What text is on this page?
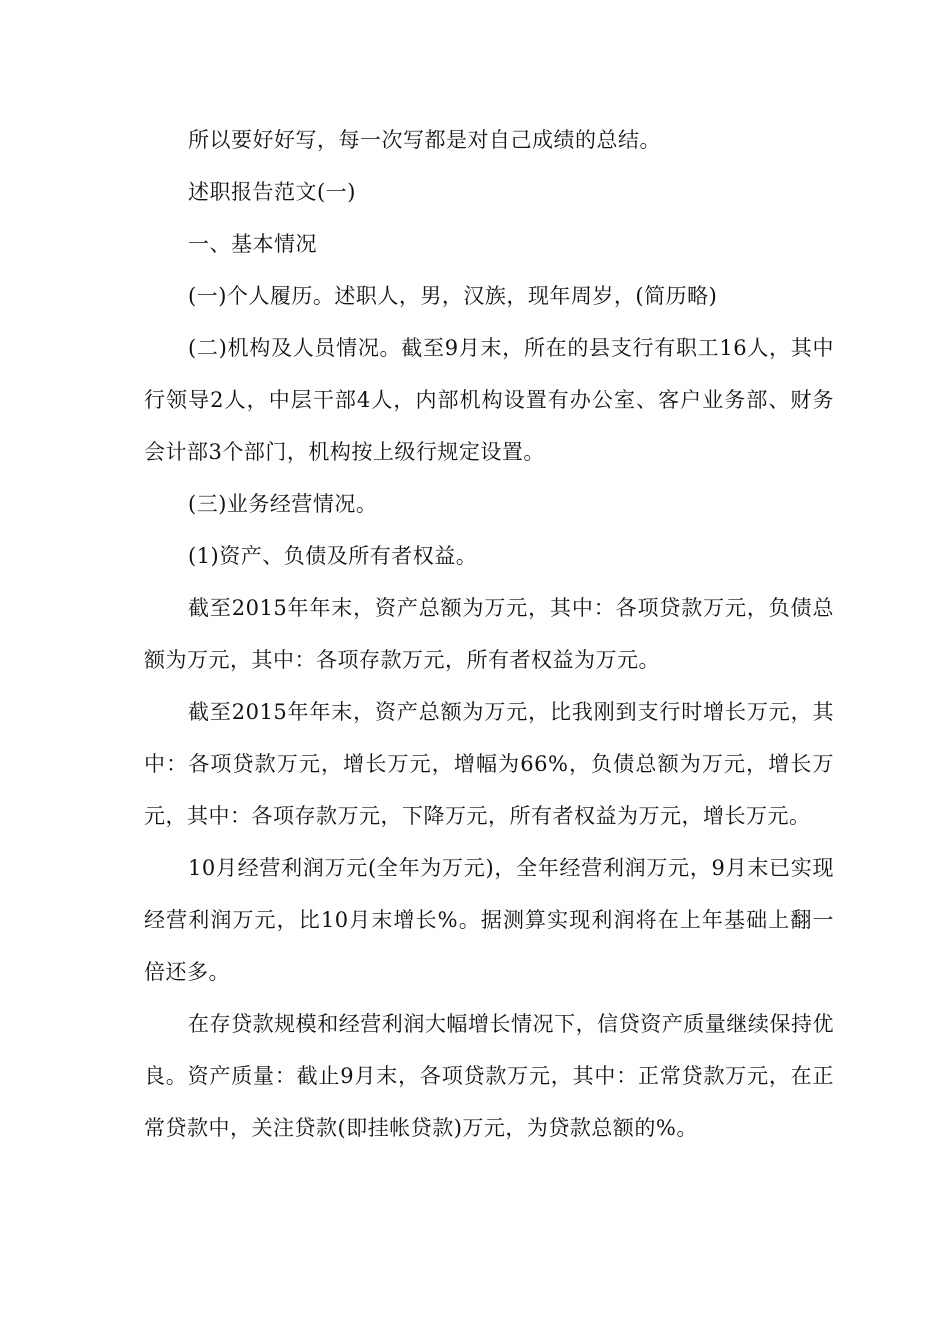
所以要好好写，每一次写都是对自己成绩的总结。

述职报告范文(一)

一、基本情况

(一)个人履历。述职人，男，汉族，现年周岁，(简历略)

(二)机构及人员情况。截至9月末，所在的县支行有职工16人，其中行领导2人，中层干部4人，内部机构设置有办公室、客户业务部、财务会计部3个部门，机构按上级行规定设置。

(三)业务经营情况。

(1)资产、负债及所有者权益。

截至2015年年末，资产总额为万元，其中：各项贷款万元，负债总额为万元，其中：各项存款万元，所有者权益为万元。

截至2015年年末，资产总额为万元，比我刚到支行时增长万元，其中：各项贷款万元，增长万元，增幅为66%，负债总额为万元，增长万元，其中：各项存款万元，下降万元，所有者权益为万元，增长万元。

10月经营利润万元(全年为万元)，全年经营利润万元，9月末已实现经营利润万元，比10月末增长%。据测算实现利润将在上年基础上翻一倍还多。

在存贷款规模和经营利润大幅增长情况下，信贷资产质量继续保持优良。资产质量：截止9月末，各项贷款万元，其中：正常贷款万元，在正常贷款中，关注贷款(即挂帐贷款)万元，为贷款总额的%。
